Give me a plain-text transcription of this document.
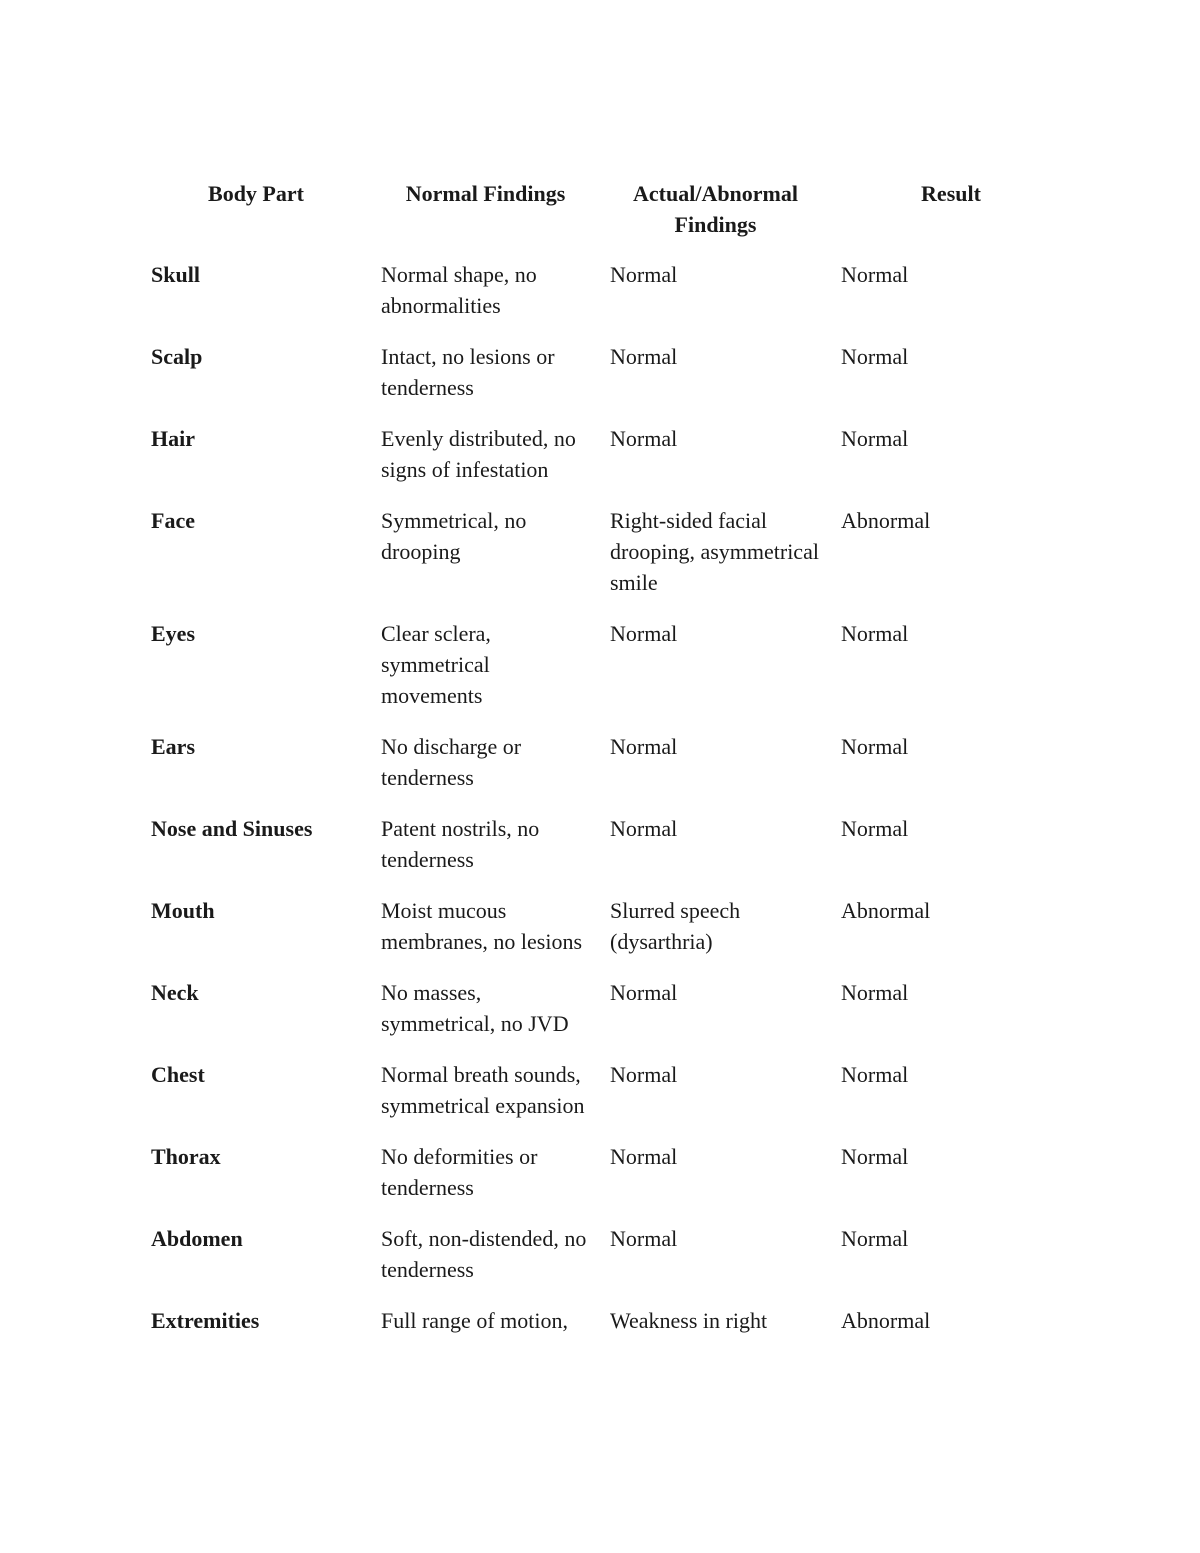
Body Part	Normal Findings	Actual/Abnormal Findings	Result
Skull	Normal shape, no abnormalities	Normal	Normal
Scalp	Intact, no lesions or tenderness	Normal	Normal
Hair	Evenly distributed, no signs of infestation	Normal	Normal
Face	Symmetrical, no drooping	Right-sided facial drooping, asymmetrical smile	Abnormal
Eyes	Clear sclera, symmetrical movements	Normal	Normal
Ears	No discharge or tenderness	Normal	Normal
Nose and Sinuses	Patent nostrils, no tenderness	Normal	Normal
Mouth	Moist mucous membranes, no lesions	Slurred speech (dysarthria)	Abnormal
Neck	No masses, symmetrical, no JVD	Normal	Normal
Chest	Normal breath sounds, symmetrical expansion	Normal	Normal
Thorax	No deformities or tenderness	Normal	Normal
Abdomen	Soft, non-distended, no tenderness	Normal	Normal
Extremities	Full range of motion,	Weakness in right	Abnormal
